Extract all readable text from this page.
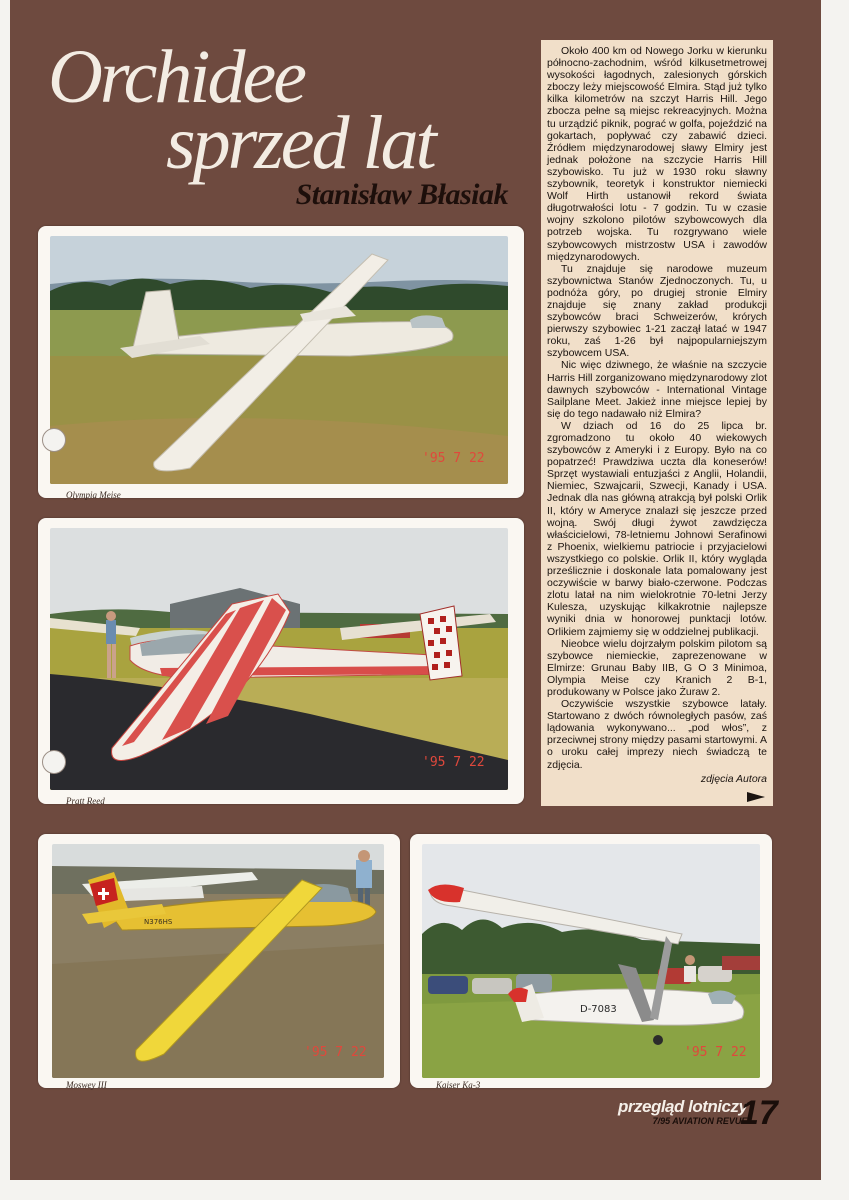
Orchidee
sprzed lat
Stanisław Błasiak

Około 400 km od Nowego Jorku w kierunku północno-zachodnim, wśród kilkusetmetrowej wysokości łagodnych, zalesionych górskich zboczy leży miejscowość Elmira. Stąd już tylko kilka kilometrów na szczyt Harris Hill. Jego zbocza pełne są miejsc rekreacyjnych. Można tu urządzić piknik, pograć w golfa, pojeździć na gokartach, popływać czy zabawić dzieci. Źródłem międzynarodowej sławy Elmiry jest jednak położone na szczycie Harris Hill szybowisko. Tu już w 1930 roku sławny szybownik, teoretyk i konstruktor niemiecki Wolf Hirth ustanowił rekord świata długotrwałości lotu - 7 godzin. Tu w czasie wojny szkolono pilotów szybowcowych dla potrzeb wojska. Tu rozgrywano wiele szybowcowych mistrzostw USA i zawodów międzynarodowych.

Tu znajduje się narodowe muzeum szybownictwa Stanów Zjednoczonych. Tu, u podnóża góry, po drugiej stronie Elmiry znajduje się znany zakład produkcji szybowców braci Schweizerów, krórych pierwszy szybowiec 1-21 zaczął latać w 1947 roku, zaś 1-26 był najpopularniejszym szybowcem USA.

Nic więc dziwnego, że właśnie na szczycie Harris Hill zorganizowano międzynarodowy zlot dawnych szybowców - International Vintage Sailplane Meet. Jakież inne miejsce lepiej by się do tego nadawało niż Elmira?

W dziach od 16 do 25 lipca br. zgromadzono tu około 40 wiekowych szybowców z Ameryki i z Europy. Było na co popatrzeć! Prawdziwa uczta dla koneserów! Sprzęt wystawiali entuzjaści z Anglii, Holandii, Niemiec, Szwajcarii, Szwecji, Kanady i USA. Jednak dla nas główną atrakcją był polski Orlik II, który w Ameryce znalazł się jeszcze przed wojną. Swój długi żywot zawdzięcza właścicielowi, 78-letniemu Johnowi Serafinowi z Phoenix, wielkiemu patriocie i przyjacielowi wszystkiego co polskie. Orlik II, który wygląda prześlicznie i doskonale lata pomalowany jest oczywiście w barwy biało-czerwone. Podczas zlotu latał na nim wielokrotnie 70-letni Jerzy Kulesza, uzyskując kilkakrotnie najlepsze wyniki dnia w honorowej punktacji lotów. Orlikiem zajmiemy się w oddzielnej publikacji.

Nieobce wielu dojrzałym polskim pilotom są szybowce niemieckie, zaprezenowane w Elmirze: Grunau Baby IIB, G O 3 Minimoa, Olympia Meise czy Kranich 2 B-1, produkowany w Polsce jako Żuraw 2.

Oczywiście wszystkie szybowce latały. Startowano z dwóch równoległych pasów, zaś lądowania wykonywano... „pod włos”, z przeciwnej strony między pasami startowymi. A o uroku całej imprezy niech świadczą te zdjęcia.

zdjęcia Autora
'95 7 22
Olympia Meise
'95 7 22
Pratt Reed
N376HS
'95 7 22
Moswey III
D-7083
'95 7 22
Kaiser Ka-3
przegląd lotniczy
7/95 AVIATION REVUE
17
